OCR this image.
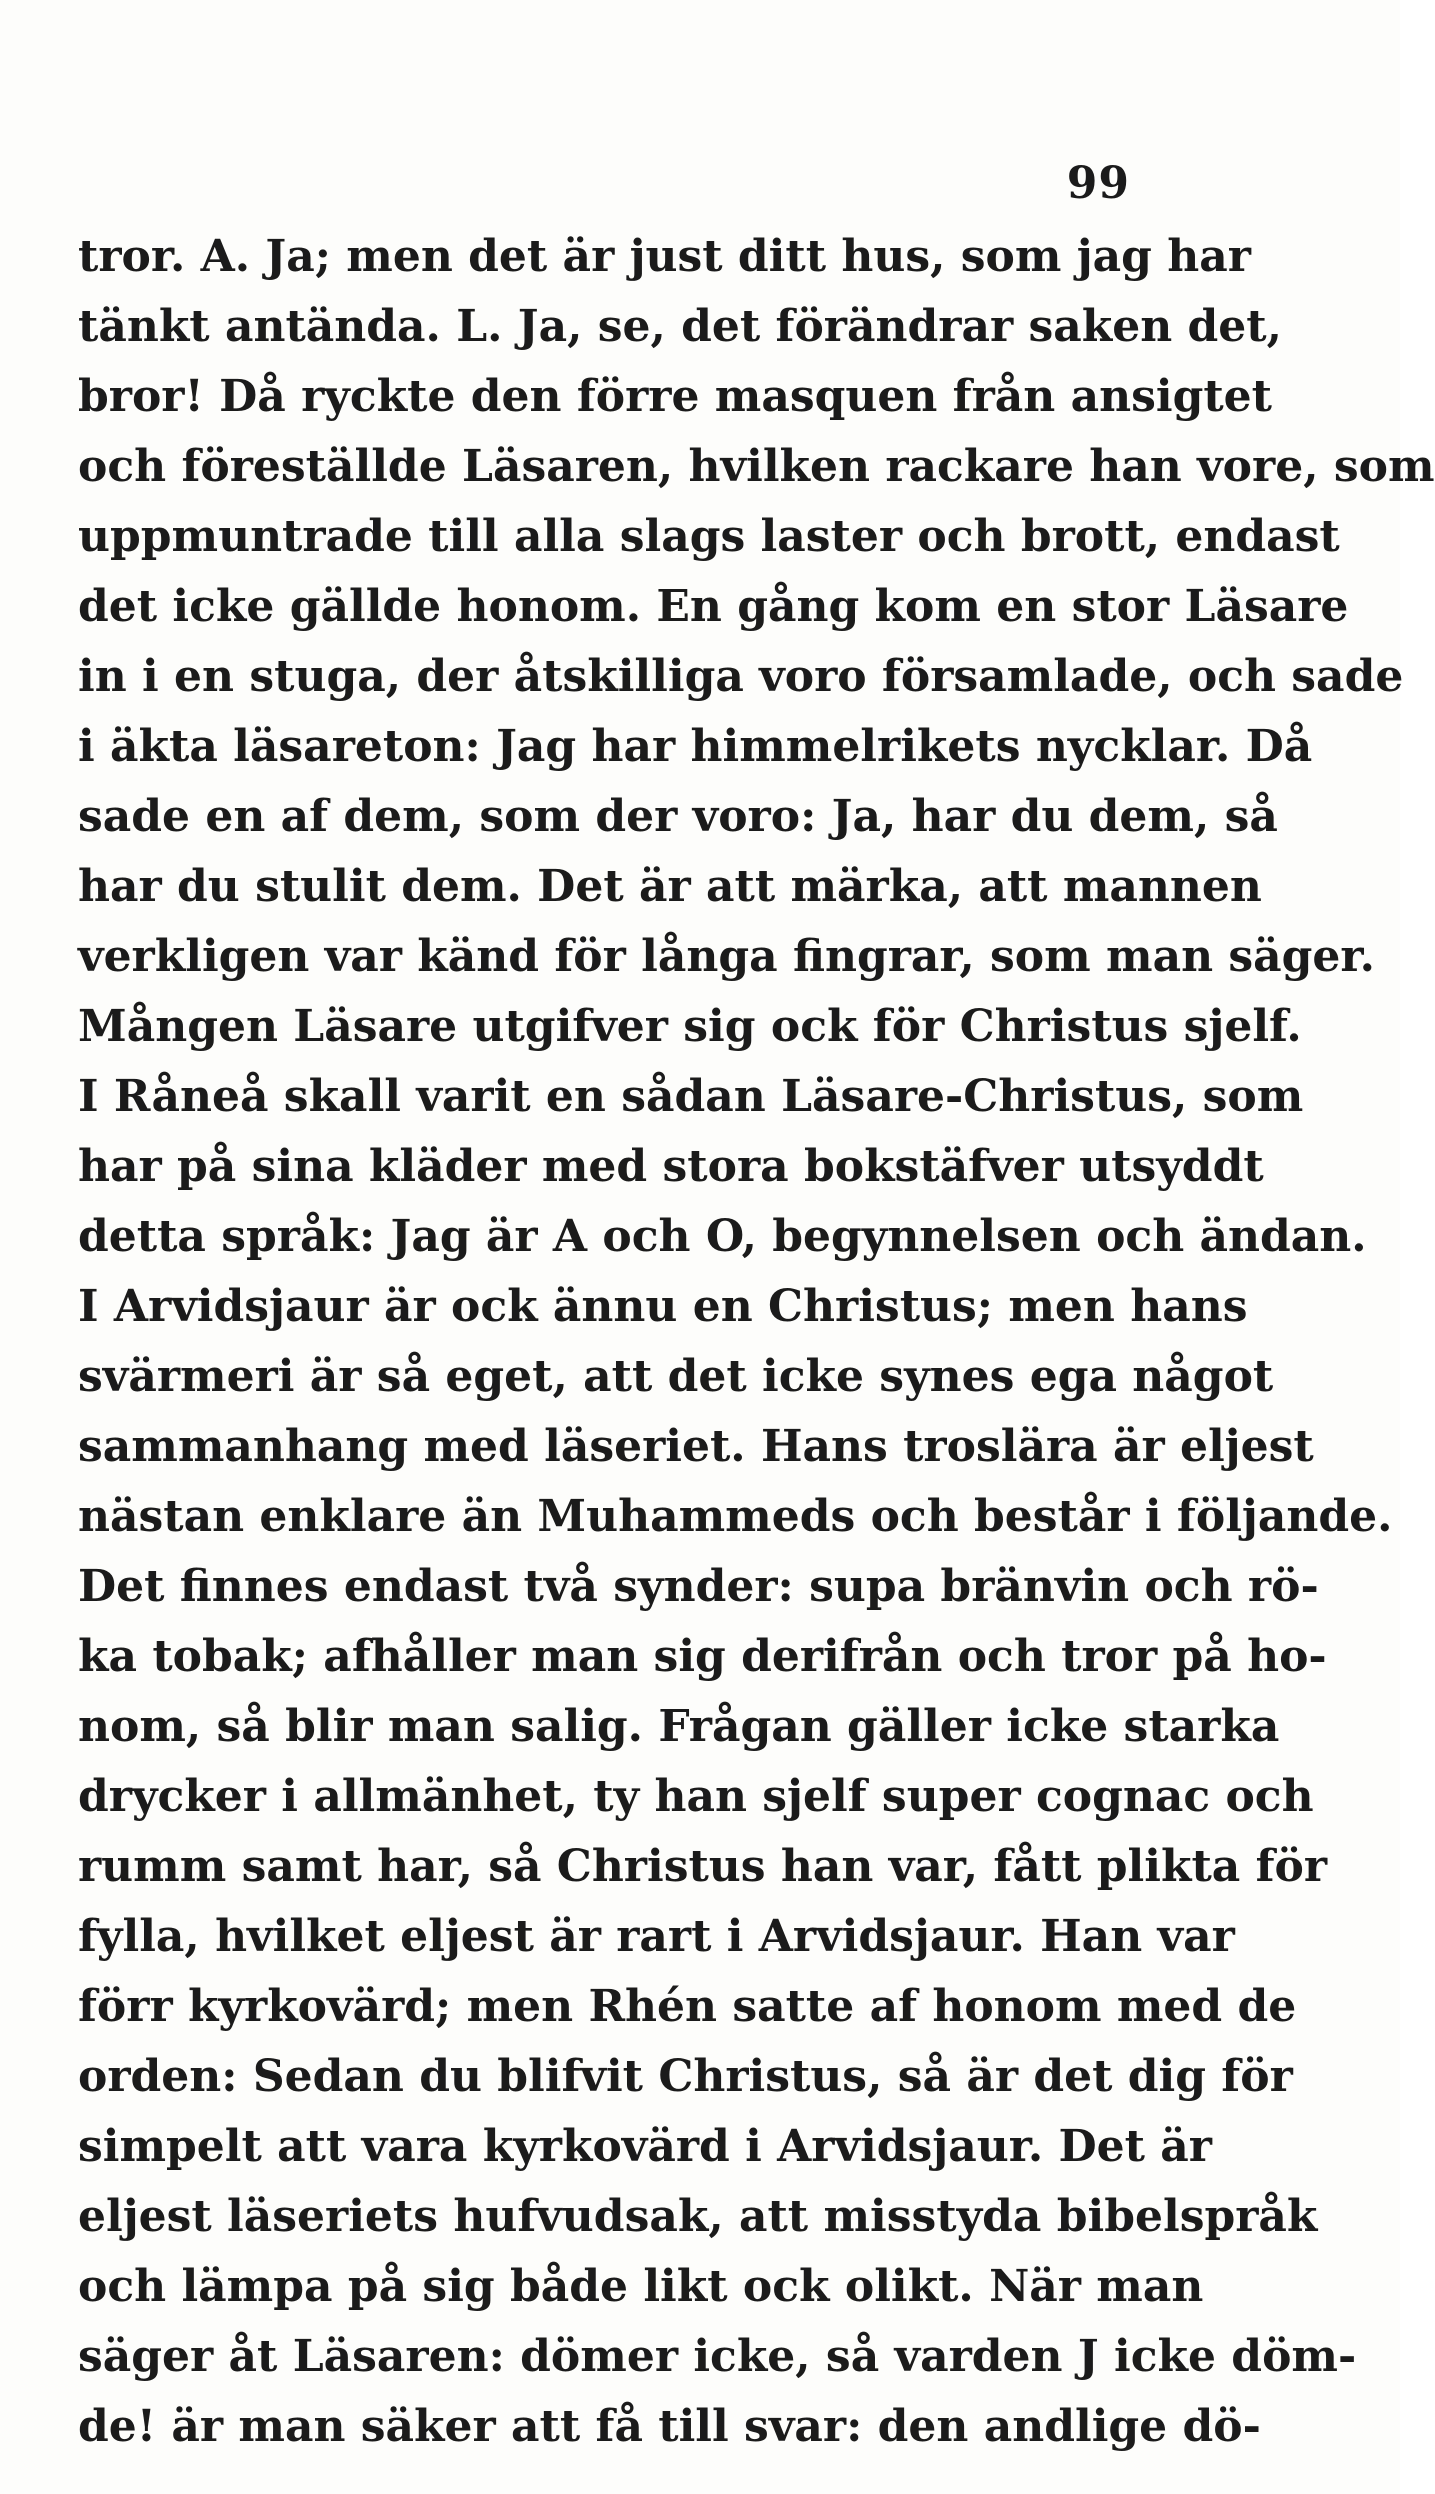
99
tror. A. Ja; men det är just ditt hus, som jag har
tänkt antända. L. Ja, se, det förändrar saken det,
bror! Då ryckte den förre masquen från ansigtet
och föreställde Läsaren, hvilken rackare han vore, som
uppmuntrade till alla slags laster och brott, endast
det icke gällde honom. En gång kom en stor Läsare
in i en stuga, der åtskilliga voro församlade, och sade
i äkta läsareton: Jag har himmelrikets nycklar. Då
sade en af dem, som der voro: Ja, har du dem, så
har du stulit dem. Det är att märka, att mannen
verkligen var känd för långa fingrar, som man säger.
Mången Läsare utgifver sig ock för Christus sjelf.
I Råneå skall varit en sådan Läsare-Christus, som
har på sina kläder med stora bokstäfver utsyddt
detta språk: Jag är A och O, begynnelsen och ändan.
I Arvidsjaur är ock ännu en Christus; men hans
svärmeri är så eget, att det icke synes ega något
sammanhang med läseriet. Hans troslära är eljest
nästan enklare än Muhammeds och består i följande.
Det finnes endast två synder: supa bränvin och rö-
ka tobak; afhåller man sig derifrån och tror på ho-
nom, så blir man salig. Frågan gäller icke starka
drycker i allmänhet, ty han sjelf super cognac och
rumm samt har, så Christus han var, fått plikta för
fylla, hvilket eljest är rart i Arvidsjaur. Han var
förr kyrkovärd; men Rhén satte af honom med de
orden: Sedan du blifvit Christus, så är det dig för
simpelt att vara kyrkovärd i Arvidsjaur. Det är
eljest läseriets hufvudsak, att misstyda bibelspråk
och lämpa på sig både likt ock olikt. När man
säger åt Läsaren: dömer icke, så varden J icke döm-
de! är man säker att få till svar: den andlige dö-
